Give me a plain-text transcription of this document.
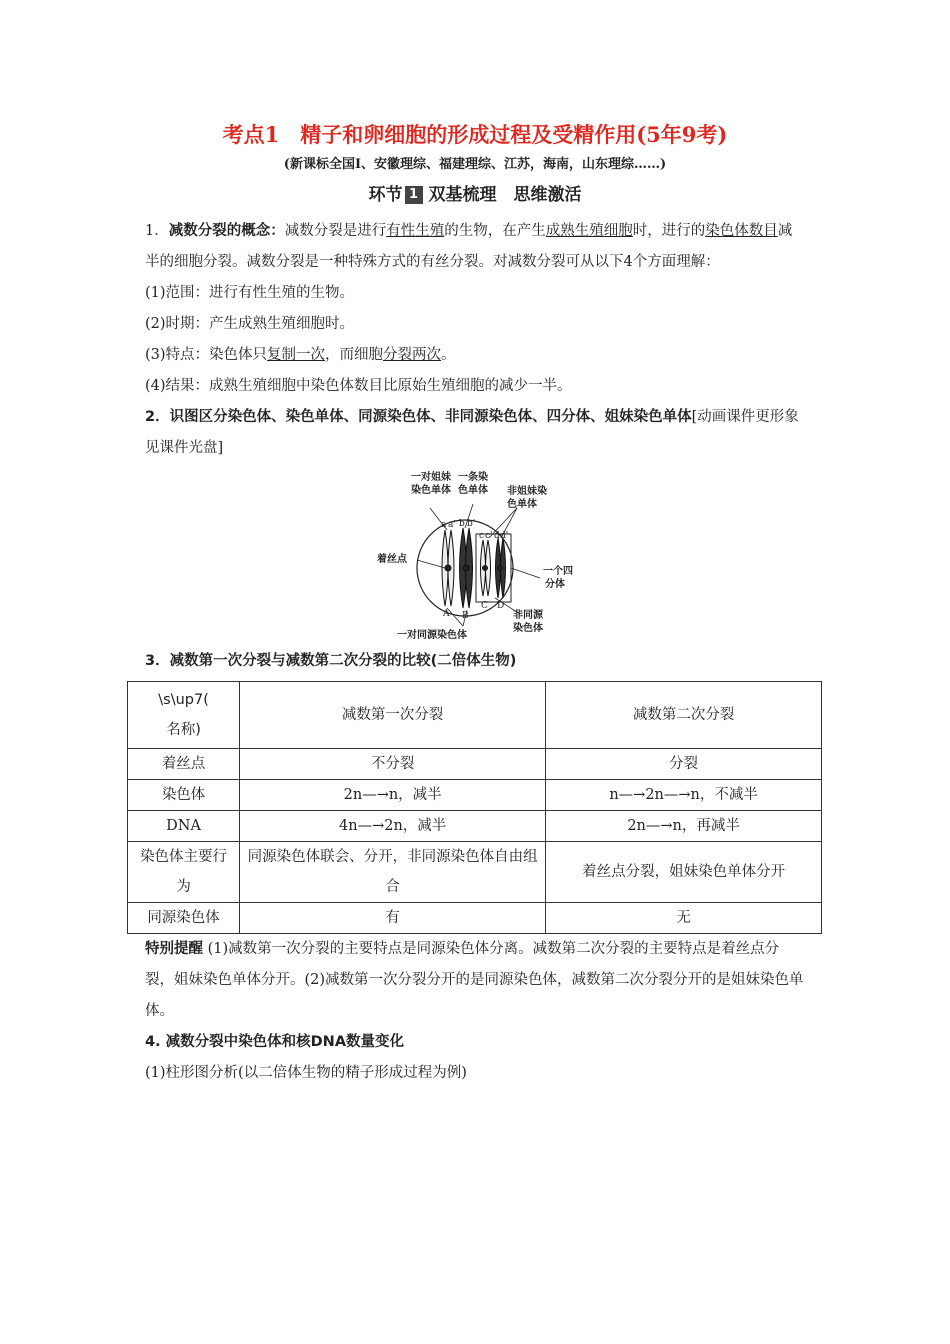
考点1　精子和卵细胞的形成过程及受精作用(5年9考)
(新课标全国Ⅰ、安徽理综、福建理综、江苏，海南，山东理综……)
环节 1 双基梳理　思维激活

1．减数分裂的概念：减数分裂是进行有性生殖的生物，在产生成熟生殖细胞时，进行的染色体数目减半的细胞分裂。减数分裂是一种特殊方式的有丝分裂。对减数分裂可从以下4个方面理解：

(1)范围：进行有性生殖的生物。

(2)时期：产生成熟生殖细胞时。

(3)特点：染色体只复制一次，而细胞分裂两次。

(4)结果：成熟生殖细胞中染色体数目比原始生殖细胞的减少一半。

2．识图区分染色体、染色单体、同源染色体、非同源染色体、四分体、姐妹染色单体[动画课件更形象　见课件光盘]

一对姐妹
染色单体
一条染
色单体 非姐妹染
色单体
着丝点
一个四
分体
非同源
染色体
一对同源染色体
a a' b b'
c c' d d'
A B
C D

3．减数第一次分裂与减数第二次分裂的比较(二倍体生物)

\s\up7(
名称)	减数第一次分裂	减数第二次分裂
着丝点	不分裂	分裂
染色体	2n—→n，减半	n—→2n—→n，不减半
DNA	4n—→2n，减半	2n—→n，再减半
染色体主要行为	同源染色体联会、分开，非同源染色体自由组合	着丝点分裂，姐妹染色单体分开
同源染色体	有	无

特别提醒 (1)减数第一次分裂的主要特点是同源染色体分离。减数第二次分裂的主要特点是着丝点分裂，姐妹染色单体分开。(2)减数第一次分裂分开的是同源染色体，减数第二次分裂分开的是姐妹染色单体。

4. 减数分裂中染色体和核DNA数量变化

(1)柱形图分析(以二倍体生物的精子形成过程为例)
